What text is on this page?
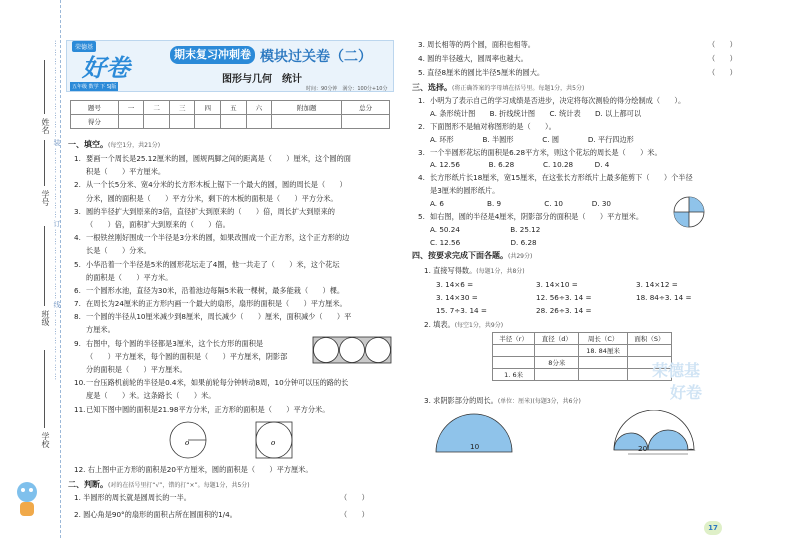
姓名
学号
班级
学校
……………………………装……………………订……………………线……………………	荣德基
好卷
五年级 数学 下 SJ版
期末复习冲刺卷 模块过关卷（二）
图形与几何　统计
时间：90分钟　满分：100分+10分
题号	一	二	三	四	五	六	附加题	总分
得分								
一、填空。(每空1分，共21分)
1. 要画一个周长是25.12厘米的圆，圆规两脚之间的距离是（　　）厘米，这个圆的面
积是（　　）平方厘米。
2. 从一个长5分米、宽4分米的长方形木板上锯下一个最大的圆，圆的周长是（　　）
分米，圆的面积是（　　）平方分米，剩下的木板的面积是（　　）平方分米。
3. 圆的半径扩大到原来的3倍，直径扩大到原来的（　　）倍，周长扩大到原来的
（　　）倍，面积扩大到原来的（　　）倍。
4. 一根铁丝刚好围成一个半径是3分米的圆，如果改围成一个正方形，这个正方形的边
长是（　　）分米。
5. 小华沿着一个半径是5米的圆形花坛走了4圈，他一共走了（　　）米，这个花坛
的面积是（　　）平方米。
6. 一个圆形水池，直径为30米，沿着池边每隔5米栽一棵树，最多能栽（　　）棵。
7. 在周长为24厘米的正方形内画一个最大的扇形，扇形的面积是（　　）平方厘米。
8. 一个圆的半径从10厘米减少到8厘米，周长减少（　　）厘米，面积减少（　　）平
方厘米。
9. 右图中，每个圆的半径都是3厘米，这个长方形的面积是
（　　）平方厘米，每个圆的面积是（　　）平方厘米，阴影部
分的面积是（　　）平方厘米。
10.一台压路机前轮的半径是0.4米，如果前轮每分钟转动8周，10分钟可以压的路的长
度是（　　）米。这条路长（　　）米。
11.已知下图中圆的面积是21.98平方分米，正方形的面积是（　　）平方分米。
o	o
12. 右上图中正方形的面积是20平方厘米，圆的面积是（　　）平方厘米。
二、判断。(对的在括号里打“√”，错的打“×”。每题1分，共5分)
1. 半圆形的周长就是圆周长的一半。	（　　）
2. 圆心角是90°的扇形的面积占所在圆面积的1/4。	（　　）
3. 周长相等的两个圆，面积也相等。	（　　）
4. 圆的半径越大，圆周率也越大。	（　　）
5. 直径8厘米的圆比半径5厘米的圆大。	（　　）
三、选择。(将正确答案的字母填在括号里。每题1分，共5分)
1. 小明为了表示自己的学习成绩是否进步，决定将每次测验的得分绘制成（　　）。
A. 条形统计图　　B. 折线统计图　　C. 统计表　　D. 以上都可以
2. 下面图形不是轴对称图形的是（　　）。
A. 环形　　　　B. 半圆形　　　　C. 圆　　　　D. 平行四边形
3. 一个半圆形花坛的面积是6.28平方米，则这个花坛的周长是（　　）米。
A. 12.56　　　　B. 6.28　　　　C. 10.28　　　D. 4
4. 长方形纸片长18厘米，宽15厘米，在这张长方形纸片上最多能剪下（　　）个半径
是3厘米的圆形纸片。
A. 6　　　　　　B. 9　　　　　　C. 10　　　　D. 30
5. 如右图，圆的半径是4厘米，阴影部分的面积是（　　）平方厘米。
A. 50.24　　　　　　　B. 25.12
C. 12.56　　　　　　　D. 6.28
四、按要求完成下面各题。(共29分)
1. 直接写得数。(每题1分，共8分)
3. 14×6 =	3. 14×10 =	3. 14×12 =
3. 14×30 =	12. 56÷3. 14 =	18. 84÷3. 14 =
15. 7÷3. 14 =	28. 26÷3. 14 =
2. 填表。(每空1分，共9分)
半径（r）	直径（d）	周长（C）	面积（S）
		18. 84厘米	
	8分米		
1. 6米				荣德基
好卷
3. 求阴影部分的周长。(单位：厘米)(每题3分，共6分)
10	20
17
